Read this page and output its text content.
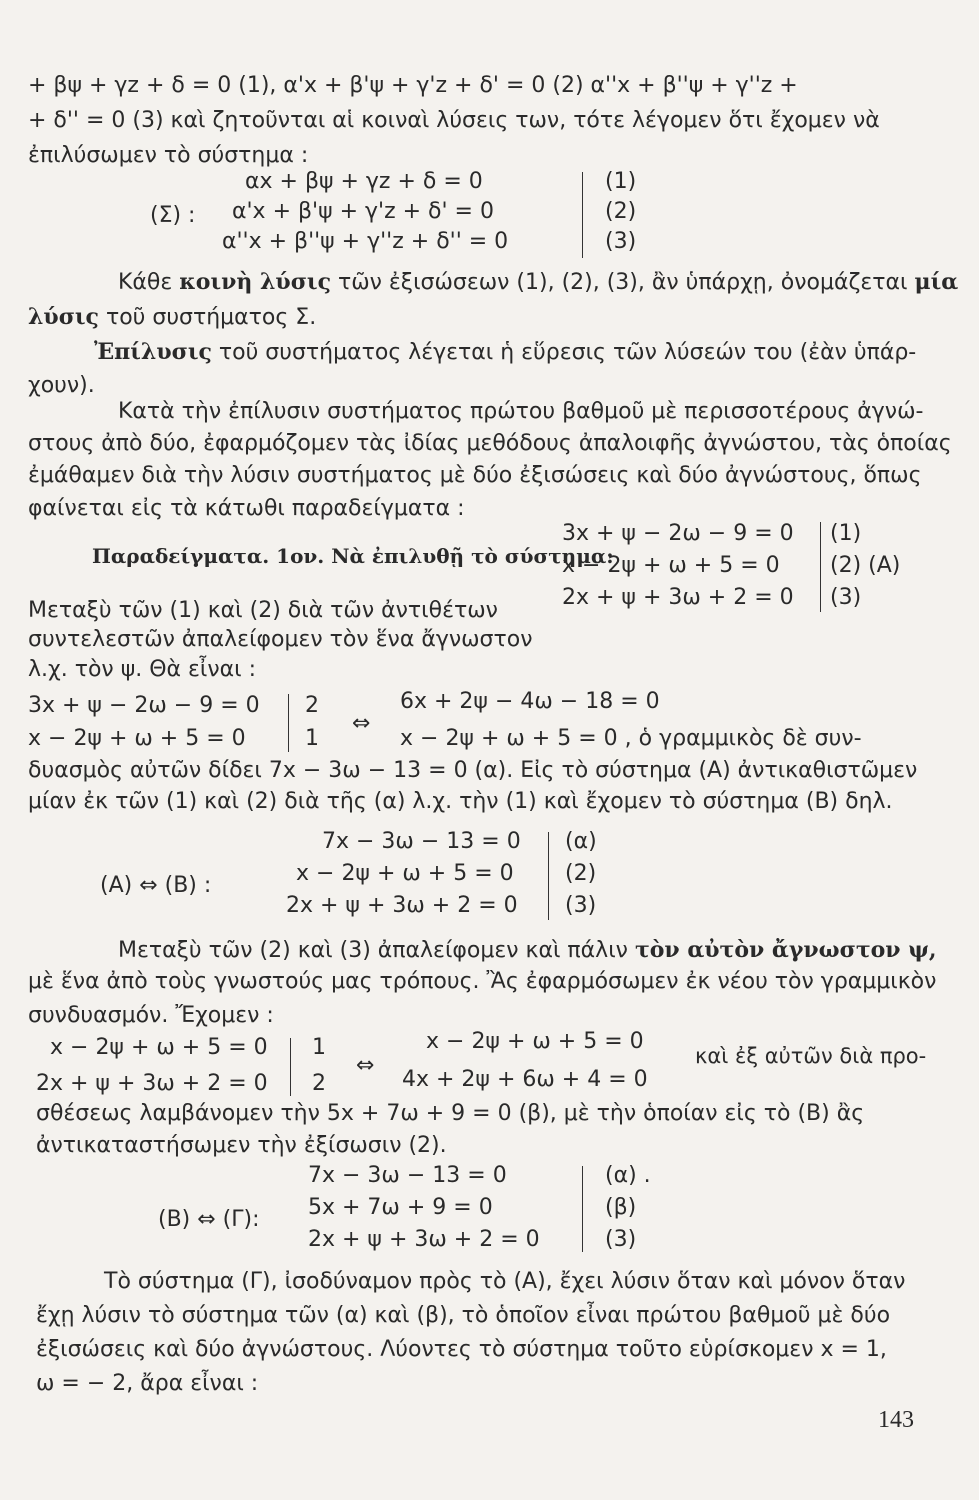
+ βψ + γz + δ = 0 (1), α'x + β'ψ + γ'z + δ' = 0 (2) α''x + β''ψ + γ''z +
+ δ'' = 0 (3) καὶ ζητοῦνται αἱ κοιναὶ λύσεις των, τότε λέγομεν ὅτι ἔχομεν νὰ
ἐπιλύσωμεν τὸ σύστημα :
(Σ) :
αx + βψ + γz + δ = 0
α'x + β'ψ + γ'z + δ' = 0
α''x + β''ψ + γ''z + δ'' = 0
(1)
(2)
(3)
Κάθε κοινὴ λύσις τῶν ἐξισώσεων (1), (2), (3), ἂν ὑπάρχῃ, ὀνομάζεται μία
λύσις τοῦ συστήματος Σ.
Ἐπίλυσις τοῦ συστήματος λέγεται ἡ εὕρεσις τῶν λύσεών του (ἐὰν ὑπάρ-
χουν).
Κατὰ τὴν ἐπίλυσιν συστήματος πρώτου βαθμοῦ μὲ περισσοτέρους ἀγνώ-
στους ἀπὸ δύο, ἐφαρμόζομεν τὰς ἰδίας μεθόδους ἀπαλοιφῆς ἀγνώστου, τὰς ὁποίας
ἐμάθαμεν διὰ τὴν λύσιν συστήματος μὲ δύο ἐξισώσεις καὶ δύο ἀγνώστους, ὅπως
φαίνεται εἰς τὰ κάτωθι παραδείγματα :
Παραδείγματα. 1ον. Νὰ ἐπιλυθῇ τὸ σύστημα:
3x + ψ − 2ω − 9 = 0
x − 2ψ + ω + 5 = 0
2x + ψ + 3ω + 2 = 0
(1)
(2) (A)
(3)
Μεταξὺ τῶν (1) καὶ (2) διὰ τῶν ἀντιθέτων
συντελεστῶν ἀπαλείφομεν τὸν ἕνα ἄγνωστον
λ.χ. τὸν ψ. Θὰ εἶναι :
3x + ψ − 2ω − 9 = 0
x − 2ψ + ω + 5 = 0
2
1
⇔
6x + 2ψ − 4ω − 18 = 0
x − 2ψ + ω + 5 = 0 , ὁ γραμμικὸς δὲ συν-
δυασμὸς αὐτῶν δίδει 7x − 3ω − 13 = 0 (α). Εἰς τὸ σύστημα (A) ἀντικαθιστῶμεν
μίαν ἐκ τῶν (1) καὶ (2) διὰ τῆς (α) λ.χ. τὴν (1) καὶ ἔχομεν τὸ σύστημα (B) δηλ.
(A) ⇔ (B) :
7x − 3ω − 13 = 0
x − 2ψ + ω + 5 = 0
2x + ψ + 3ω + 2 = 0
(α)
(2)
(3)
Μεταξὺ τῶν (2) καὶ (3) ἀπαλείφομεν καὶ πάλιν τὸν αὐτὸν ἄγνωστον ψ,
μὲ ἕνα ἀπὸ τοὺς γνωστούς μας τρόπους. Ἂς ἐφαρμόσωμεν ἐκ νέου τὸν γραμμικὸν
συνδυασμόν. Ἔχομεν :
x − 2ψ + ω + 5 = 0
2x + ψ + 3ω + 2 = 0
1
2
⇔
x − 2ψ + ω + 5 = 0
4x + 2ψ + 6ω + 4 = 0
καὶ ἐξ αὐτῶν διὰ προ-
σθέσεως λαμβάνομεν τὴν 5x + 7ω + 9 = 0 (β), μὲ τὴν ὁποίαν εἰς τὸ (B) ἂς
ἀντικαταστήσωμεν τὴν ἐξίσωσιν (2).
(B) ⇔ (Γ):
7x − 3ω − 13 = 0
5x + 7ω + 9 = 0
2x + ψ + 3ω + 2 = 0
(α) .
(β)
(3)
Τὸ σύστημα (Γ), ἰσοδύναμον πρὸς τὸ (A), ἔχει λύσιν ὅταν καὶ μόνον ὅταν
ἔχῃ λύσιν τὸ σύστημα τῶν (α) καὶ (β), τὸ ὁποῖον εἶναι πρώτου βαθμοῦ μὲ δύο
ἐξισώσεις καὶ δύο ἀγνώστους. Λύοντες τὸ σύστημα τοῦτο εὑρίσκομεν x = 1,
ω = − 2, ἄρα εἶναι :
143
